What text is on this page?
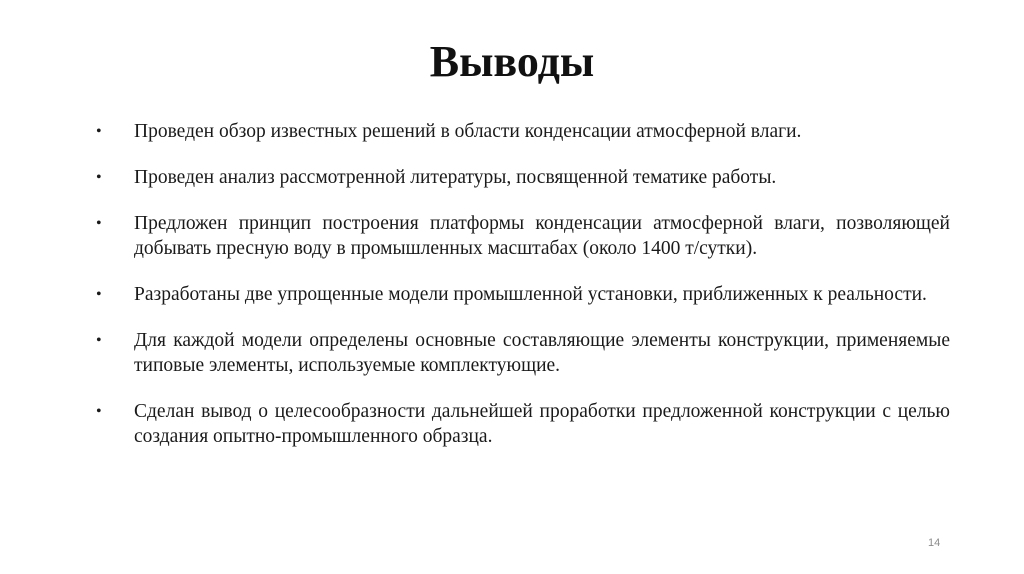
Выводы
• Проведен обзор известных решений в области конденсации атмосферной влаги.
• Проведен анализ рассмотренной литературы, посвященной тематике работы.
• Предложен принцип построения платформы конденсации атмосферной влаги, позволяющей добывать пресную воду в промышленных масштабах (около 1400 т/сутки).
• Разработаны две упрощенные модели промышленной установки, приближенных к реальности.
• Для каждой модели определены основные составляющие элементы конструкции, применяемые типовые элементы, используемые комплектующие.
• Сделан вывод о целесообразности дальнейшей проработки предложенной конструкции с целью создания опытно-промышленного образца.
14
